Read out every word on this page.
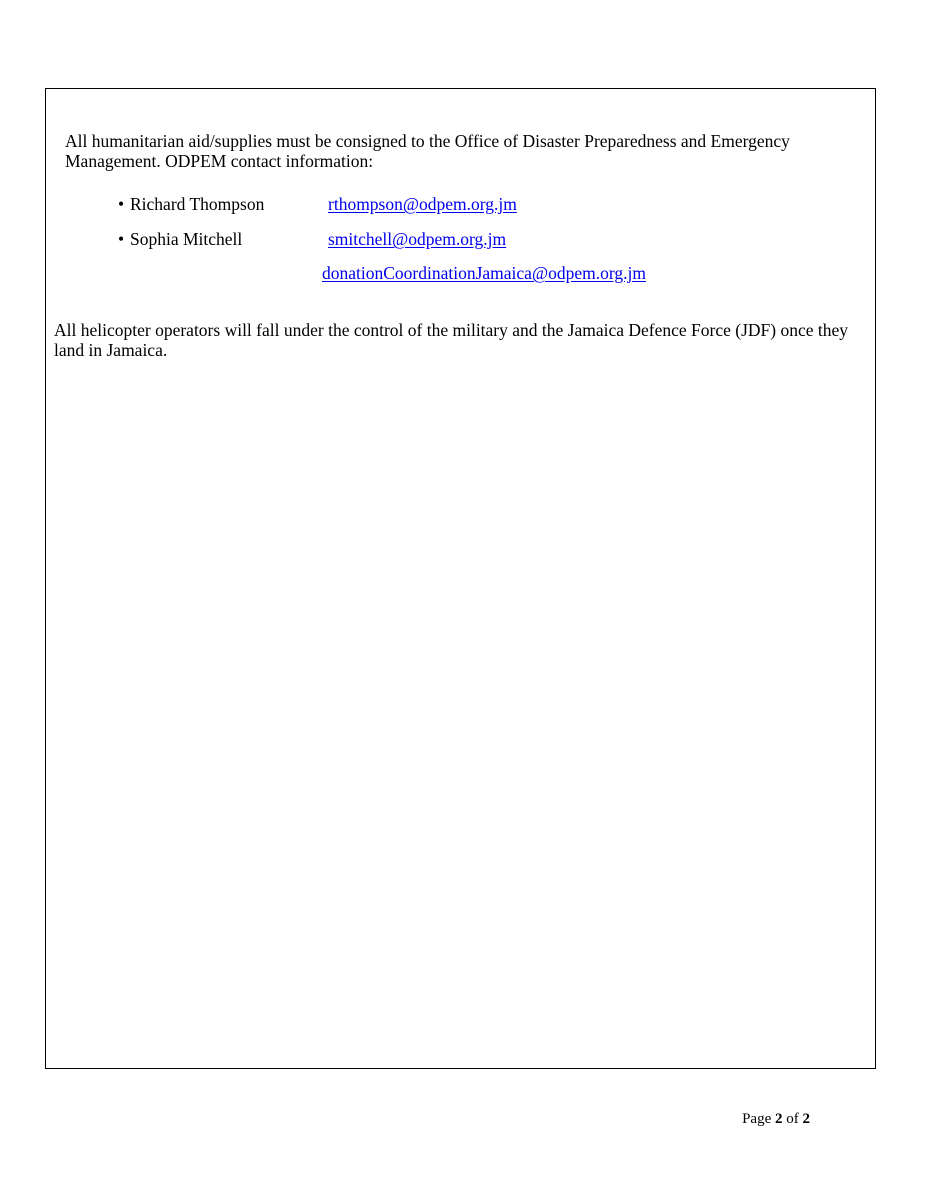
All humanitarian aid/supplies must be consigned to the Office of Disaster Preparedness and Emergency Management. ODPEM contact information:

• Richard Thompson	rthompson@odpem.org.jm
• Sophia Mitchell	smitchell@odpem.org.jm
donationCoordinationJamaica@odpem.org.jm

All helicopter operators will fall under the control of the military and the Jamaica Defence Force (JDF) once they land in Jamaica.

Page 2 of 2
